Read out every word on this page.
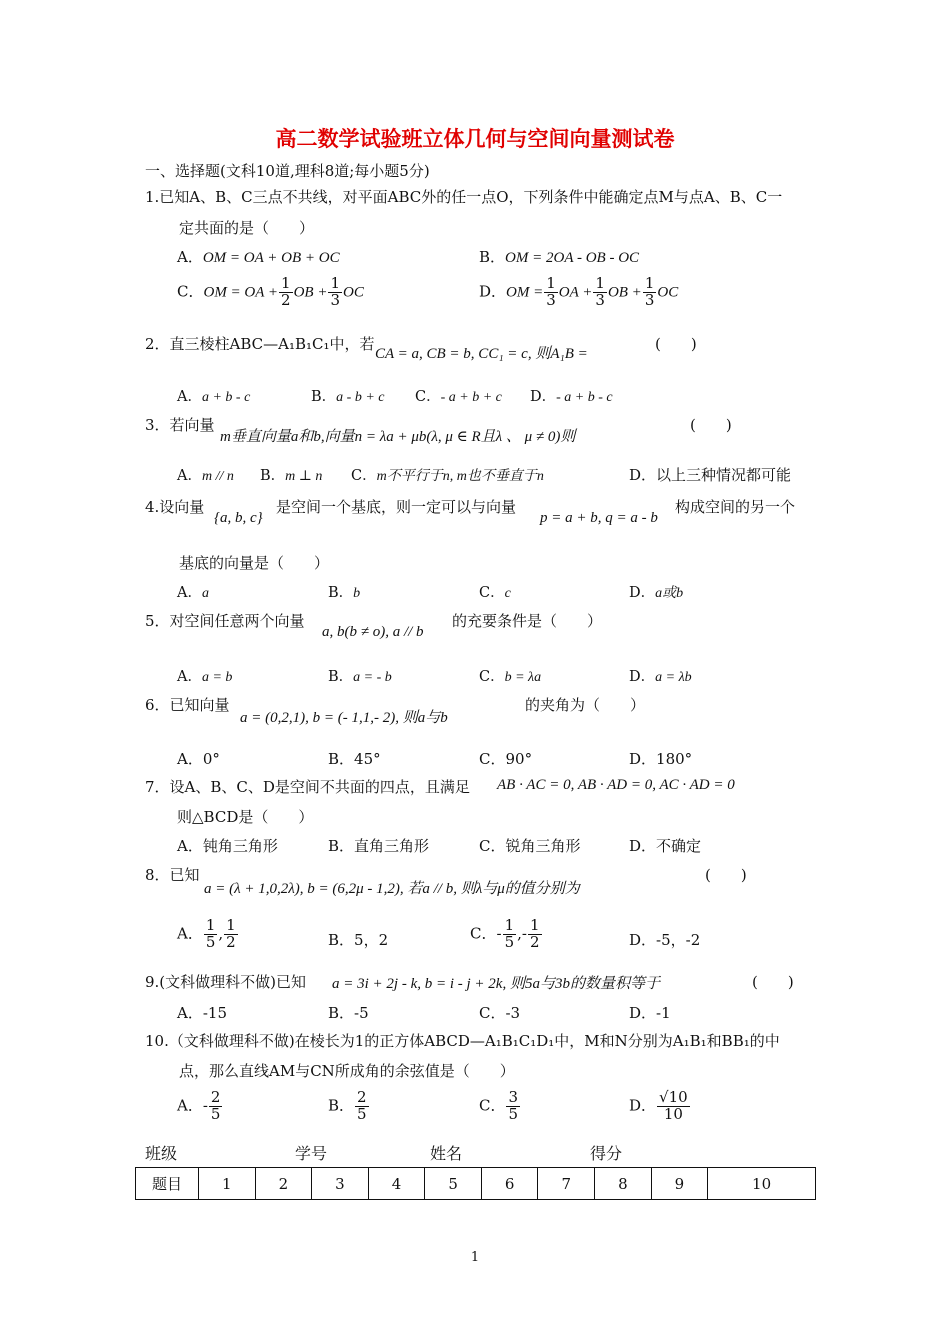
高二数学试验班立体几何与空间向量测试卷
一、选择题(文科10道,理科8道;每小题5分)
1.已知A、B、C三点不共线，对平面ABC外的任一点O，下列条件中能确定点M与点A、B、C一
定共面的是（　　）
A．OM = OA + OB + OC	B．OM = 2OA - OB - OC
C．OM = OA + $\frac{1}{2}$ OB + $\frac{1}{3}$ OC	D．OM = $\frac{1}{3}$ OA + $\frac{1}{3}$ OB + $\frac{1}{3}$ OC
2．直三棱柱ABC—A₁B₁C₁中，若
CA = a, CB = b, CC₁ = c, 则A₁B =
(　　)
A．a + b - c	B．a - b + c C．- a + b + c D．- a + b - c
3．若向量
m垂直向量a和b,向量n = λa + μb(λ, μ ∈ R且λ 、 μ ≠ 0)则
(　　)
A．m // n B．m ⊥ n C．m不平行于n, m也不垂直于n	D．以上三种情况都可能
4.设向量
{a, b, c}
是空间一个基底，则一定可以与向量
p = a + b, q = a - b
构成空间的另一个
基底的向量是（　　）
A．a	B．b	C．c	D．a或b
5．对空间任意两个向量
a, b(b ≠ o), a // b
的充要条件是（　　）
A．a = b	B．a = - b	C．b = λa	D．a = λb
6．已知向量
a = (0,2,1), b = (- 1,1,- 2), 则a与b
的夹角为（　　）
A．0°	B．45°	C．90°	D．180°
7．设A、B、C、D是空间不共面的四点，且满足 AB · AC = 0, AB · AD = 0, AC · AD = 0
则△BCD是（　　）
A．钝角三角形	B．直角三角形	C．锐角三角形	D．不确定
8．已知
a = (λ + 1,0,2λ), b = (6,2μ - 1,2), 若a // b, 则λ与μ的值分别为
(　　)
A． $\frac{1}{5}$ , $\frac{1}{2}$	B．5，2	C．- $\frac{1}{5}$ ,- $\frac{1}{2}$	D．-5，-2
9.(文科做理科不做)已知 a = 3i + 2j - k, b = i - j + 2k, 则5a与3b的数量积等于	(　　)
A．-15	B．-5	C．-3	D．-1
10.（文科做理科不做)在棱长为1的正方体ABCD—A₁B₁C₁D₁中，M和N分别为A₁B₁和BB₁的中
点，那么直线AM与CN所成角的余弦值是（　　）
A．- $\frac{2}{5}$	B． $\frac{2}{5}$	C． $\frac{3}{5}$	D． $\frac{√10}{10}$
班级	学号	姓名	得分
题目	1	2	3	4	5	6	7	8	9	10
1
